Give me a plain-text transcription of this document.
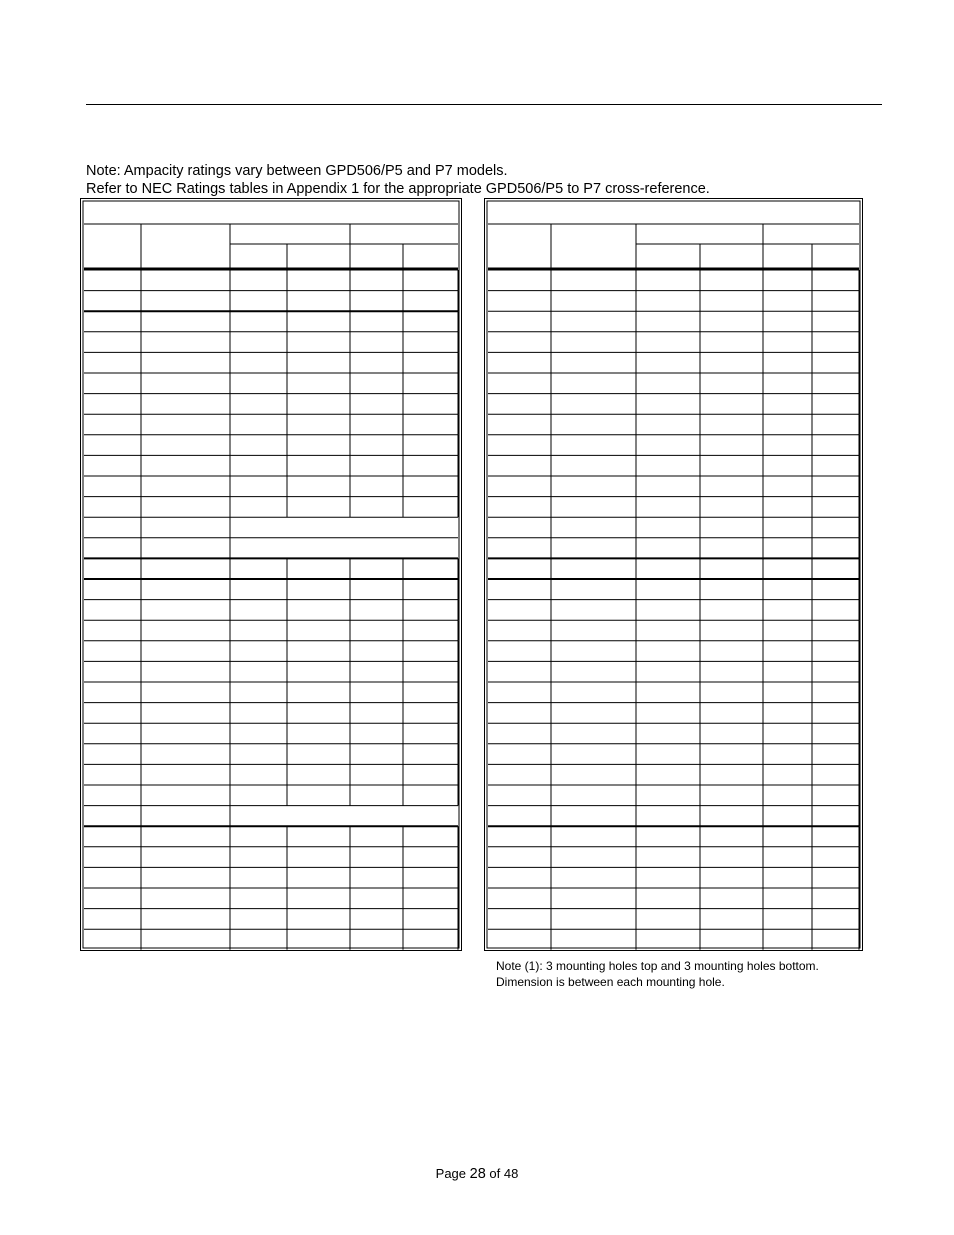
Note: Ampacity ratings vary between GPD506/P5 and P7 models.
Refer to NEC Ratings tables in Appendix 1 for the appropriate GPD506/P5 to P7 cross-reference.
Note (1): 3 mounting holes top and 3 mounting holes bottom.
Dimension is between each mounting hole.
Page 28 of 48
